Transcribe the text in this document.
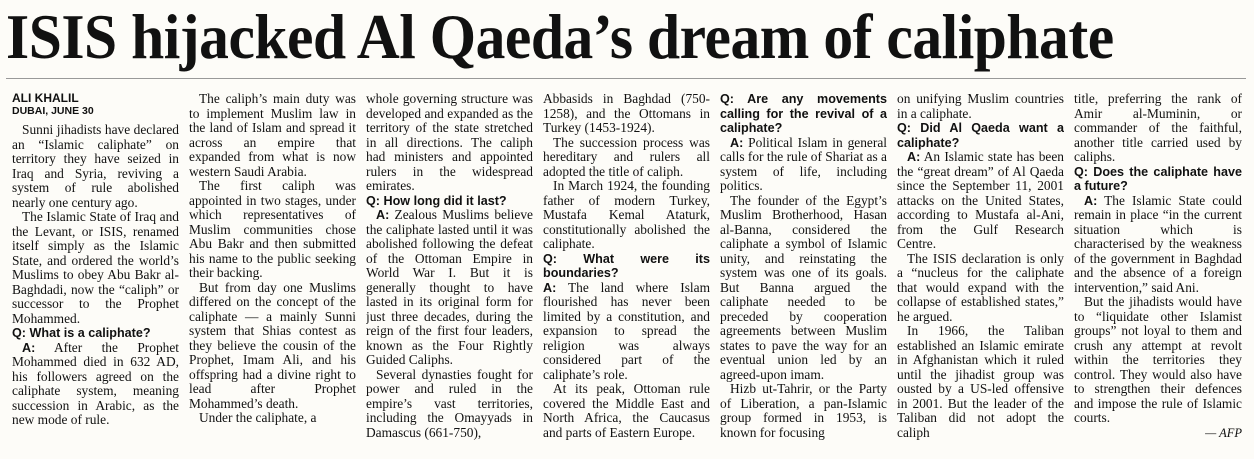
ISIS hijacked Al Qaeda’s dream of caliphate

ALI KHALIL

DUBAI, JUNE 30

Sunni jihadists have declared an “Islamic caliphate” on territory they have seized in Iraq and Syria, reviving a system of rule abolished nearly one century ago.

The Islamic State of Iraq and the Levant, or ISIS, renamed itself simply as the Islamic State, and ordered the world’s Muslims to obey Abu Bakr al-Baghdadi, now the “caliph” or successor to the Prophet Mohammed.

Q: What is a caliphate?

A: After the Prophet Mohammed died in 632 AD, his followers agreed on the caliphate system, meaning succession in Arabic, as the new mode of rule.

The caliph’s main duty was to implement Muslim law in the land of Islam and spread it across an empire that expanded from what is now western Saudi Arabia.

The first caliph was appointed in two stages, under which representatives of Muslim communities chose Abu Bakr and then submitted his name to the public seeking their backing.

But from day one Muslims differed on the concept of the caliphate — a mainly Sunni system that Shias contest as they believe the cousin of the Prophet, Imam Ali, and his offspring had a divine right to lead after Prophet Mohammed’s death.

Under the caliphate, a

whole governing structure was developed and expanded as the territory of the state stretched in all directions. The caliph had ministers and appointed rulers in the widespread emirates.

Q: How long did it last?

A: Zealous Muslims believe the caliphate lasted until it was abolished following the defeat of the Ottoman Empire in World War I. But it is generally thought to have lasted in its original form for just three decades, during the reign of the first four leaders, known as the Four Rightly Guided Caliphs.

Several dynasties fought for power and ruled in the empire’s vast territories, including the Omayyads in Damascus (661-750),

Abbasids in Baghdad (750-1258), and the Ottomans in Turkey (1453-1924).

The succession process was hereditary and rulers all adopted the title of caliph.

In March 1924, the founding father of modern Turkey, Mustafa Kemal Ataturk, constitutionally abolished the caliphate.

Q: What were its boundaries?

A: The land where Islam flourished has never been limited by a constitution, and expansion to spread the religion was always considered part of the caliphate’s role.

At its peak, Ottoman rule covered the Middle East and North Africa, the Caucasus and parts of Eastern Europe.

Q: Are any movements calling for the revival of a caliphate?

A: Political Islam in general calls for the rule of Shariat as a system of life, including politics.

The founder of the Egypt’s Muslim Brotherhood, Hasan al-Banna, considered the caliphate a symbol of Islamic unity, and reinstating the system was one of its goals. But Banna argued the caliphate needed to be preceded by cooperation agreements between Muslim states to pave the way for an eventual union led by an agreed-upon imam.

Hizb ut-Tahrir, or the Party of Liberation, a pan-Islamic group formed in 1953, is known for focusing

on unifying Muslim countries in a caliphate.

Q: Did Al Qaeda want a caliphate?

A: An Islamic state has been the “great dream” of Al Qaeda since the September 11, 2001 attacks on the United States, according to Mustafa al-Ani, from the Gulf Research Centre.

The ISIS declaration is only a “nucleus for the caliphate that would expand with the collapse of established states,” he argued.

In 1966, the Taliban established an Islamic emirate in Afghanistan which it ruled until the jihadist group was ousted by a US-led offensive in 2001. But the leader of the Taliban did not adopt the caliph

title, preferring the rank of Amir al-Muminin, or commander of the faithful, another title carried used by caliphs.

Q: Does the caliphate have a future?

A: The Islamic State could remain in place “in the current situation which is characterised by the weakness of the government in Baghdad and the absence of a foreign intervention,” said Ani.

But the jihadists would have to “liquidate other Islamist groups” not loyal to them and crush any attempt at revolt within the territories they control. They would also have to strengthen their defences and impose the rule of Islamic courts.

— AFP
